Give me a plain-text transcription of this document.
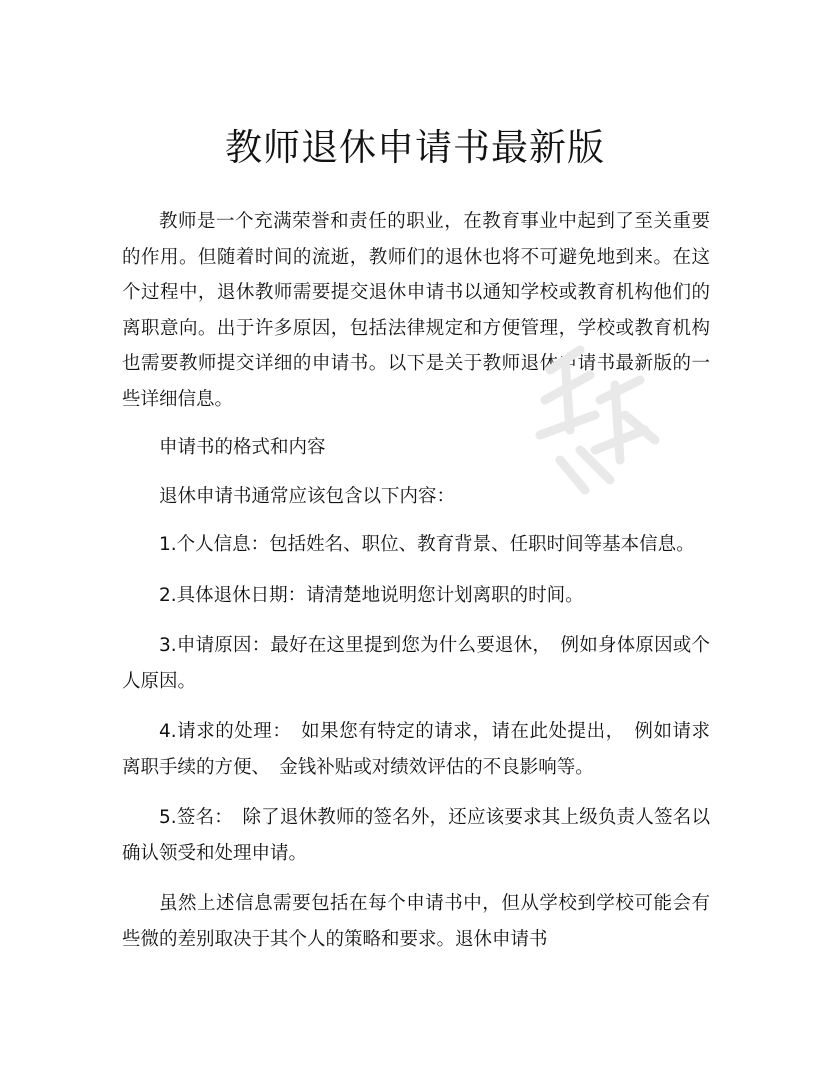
教师退休申请书最新版

教师是一个充满荣誉和责任的职业，在教育事业中起到了至关重要的作用。但随着时间的流逝，教师们的退休也将不可避免地到来。在这个过程中，退休教师需要提交退休申请书以通知学校或教育机构他们的离职意向。出于许多原因，包括法律规定和方便管理，学校或教育机构也需要教师提交详细的申请书。以下是关于教师退休申请书最新版的一些详细信息。

申请书的格式和内容

退休申请书通常应该包含以下内容：

1.个人信息：包括姓名、职位、教育背景、任职时间等基本信息。

2.具体退休日期：请清楚地说明您计划离职的时间。

3.申请原因：最好在这里提到您为什么要退休，　例如身体原因或个人原因。

4.请求的处理：　如果您有特定的请求，请在此处提出，　例如请求离职手续的方便、　金钱补贴或对绩效评估的不良影响等。

5.签名：　除了退休教师的签名外，还应该要求其上级负责人签名以确认领受和处理申请。

虽然上述信息需要包括在每个申请书中，但从学校到学校可能会有些微的差别取决于其个人的策略和要求。退休申请书
